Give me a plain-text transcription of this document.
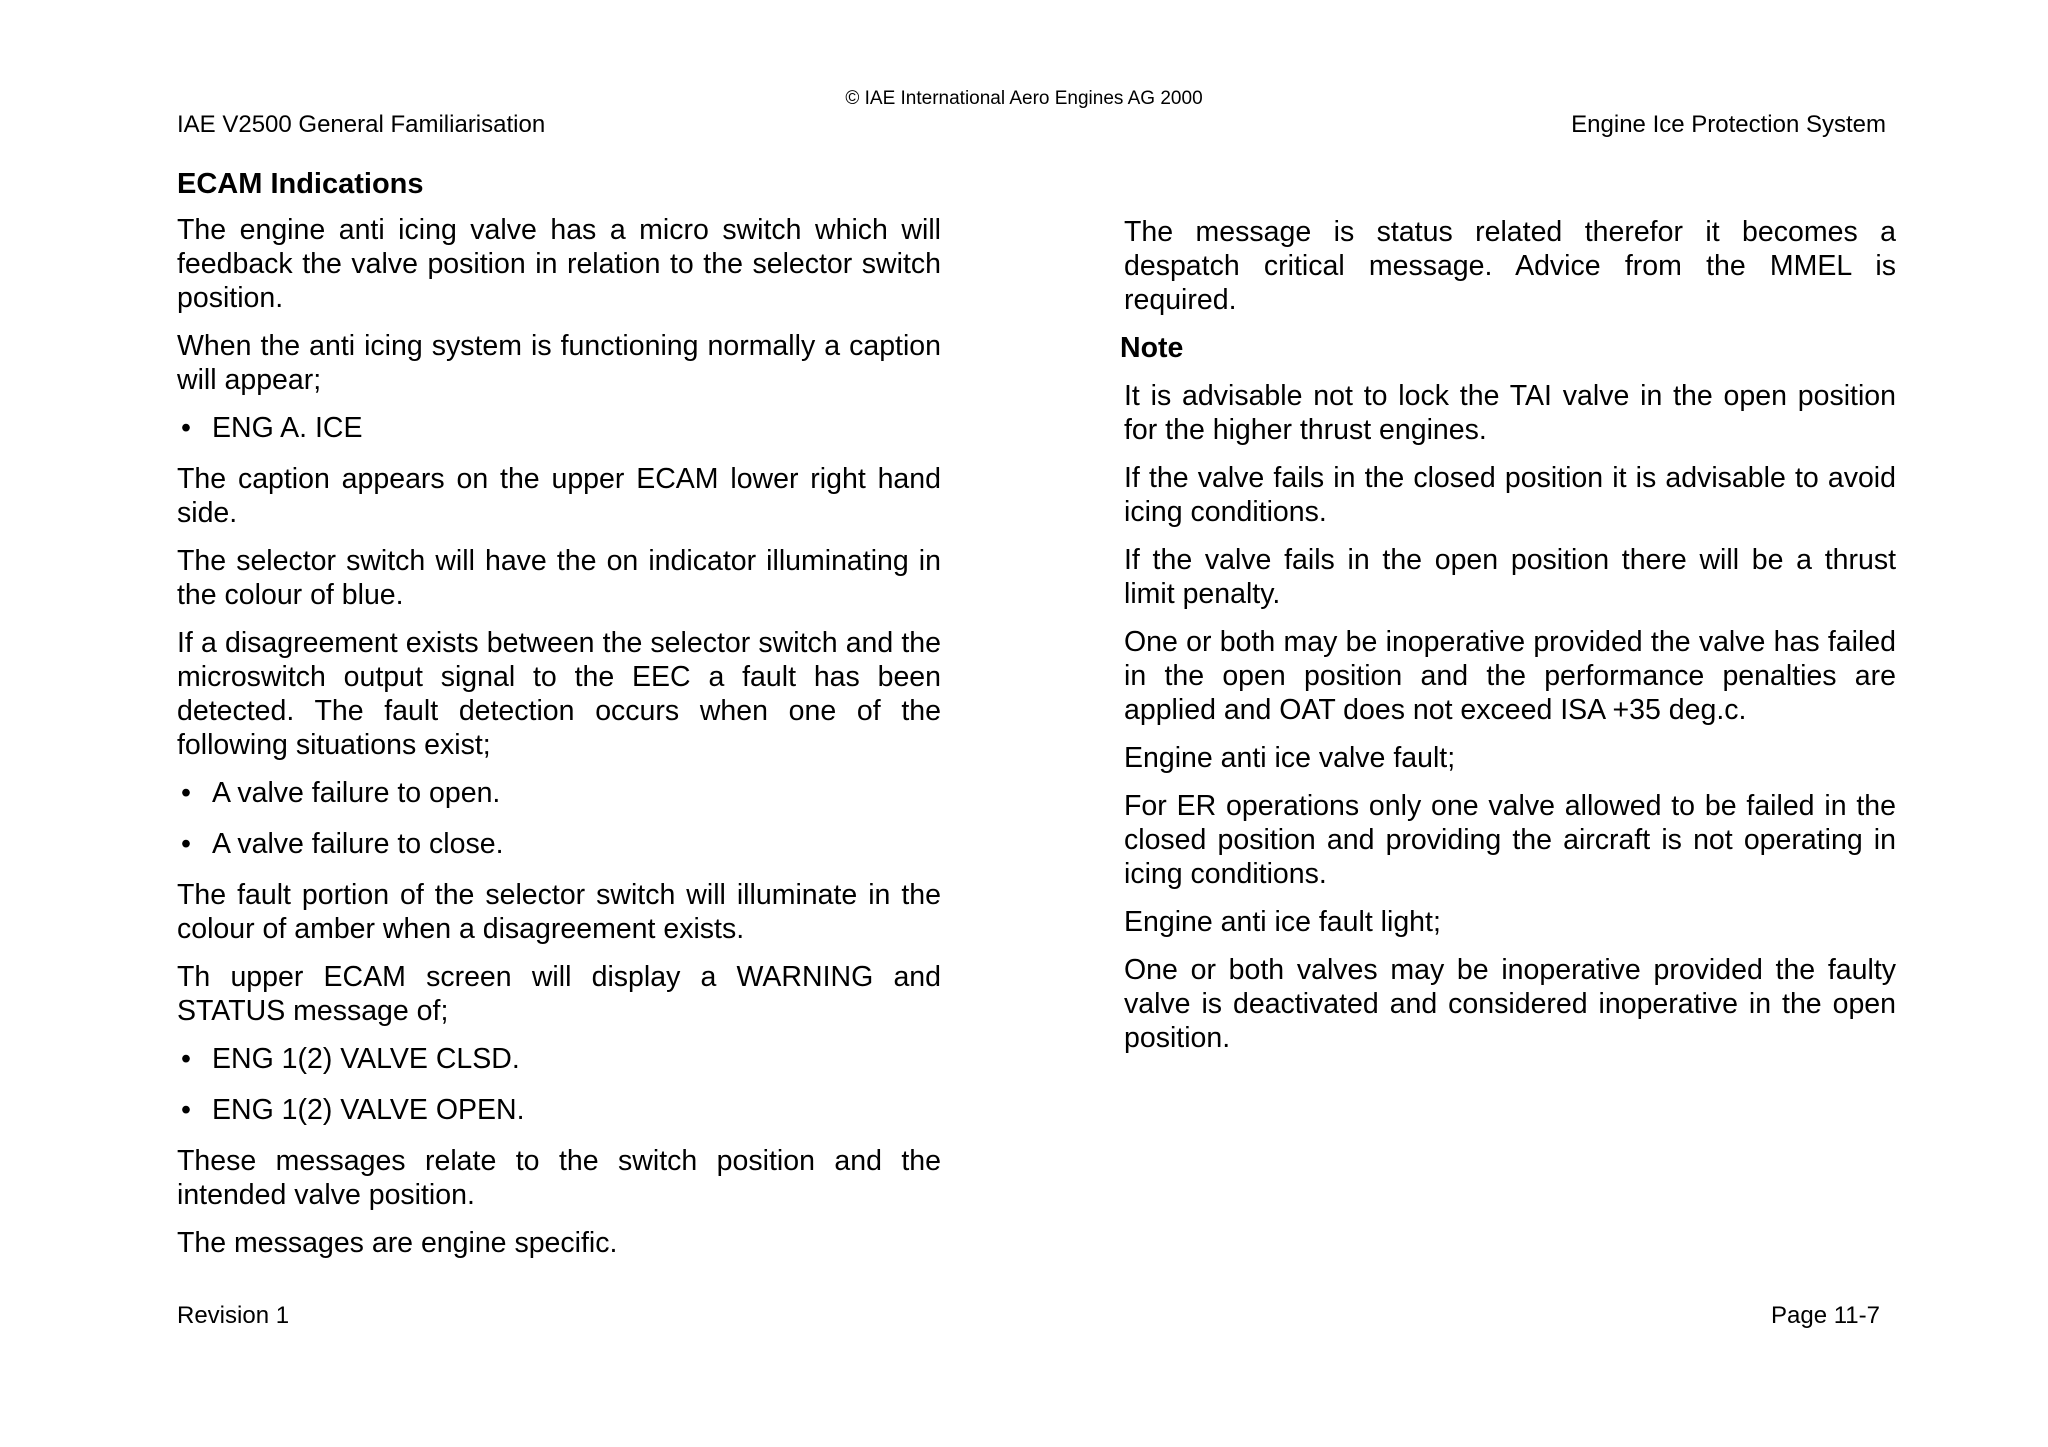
© IAE International Aero Engines AG 2000
IAE V2500 General Familiarisation	Engine Ice Protection System
ECAM Indications

The engine anti icing valve has a micro switch which will feedback the valve position in relation to the selector switch position.

When the anti icing system is functioning normally a caption will appear;

• ENG A. ICE

The caption appears on the upper ECAM lower right hand side.

The selector switch will have the on indicator illuminating in the colour of blue.

If a disagreement exists between the selector switch and the microswitch output signal to the EEC a fault has been detected. The fault detection occurs when one of the following situations exist;

• A valve failure to open.
• A valve failure to close.

The fault portion of the selector switch will illuminate in the colour of amber when a disagreement exists.

Th upper ECAM screen will display a WARNING and STATUS message of;

• ENG 1(2) VALVE CLSD.
• ENG 1(2) VALVE OPEN.

These messages relate to the switch position and the intended valve position.

The messages are engine specific.

The message is status related therefor it becomes a despatch critical message. Advice from the MMEL is required.

Note

It is advisable not to lock the TAI valve in the open position for the higher thrust engines.

If the valve fails in the closed position it is advisable to avoid icing conditions.

If the valve fails in the open position there will be a thrust limit penalty.

One or both may be inoperative provided the valve has failed in the open position and the performance penalties are applied and OAT does not exceed ISA +35 deg.c.

Engine anti ice valve fault;

For ER operations only one valve allowed to be failed in the closed position and providing the aircraft is not operating in icing conditions.

Engine anti ice fault light;

One or both valves may be inoperative provided the faulty valve is deactivated and considered inoperative in the open position.

Revision 1	Page 11-7
